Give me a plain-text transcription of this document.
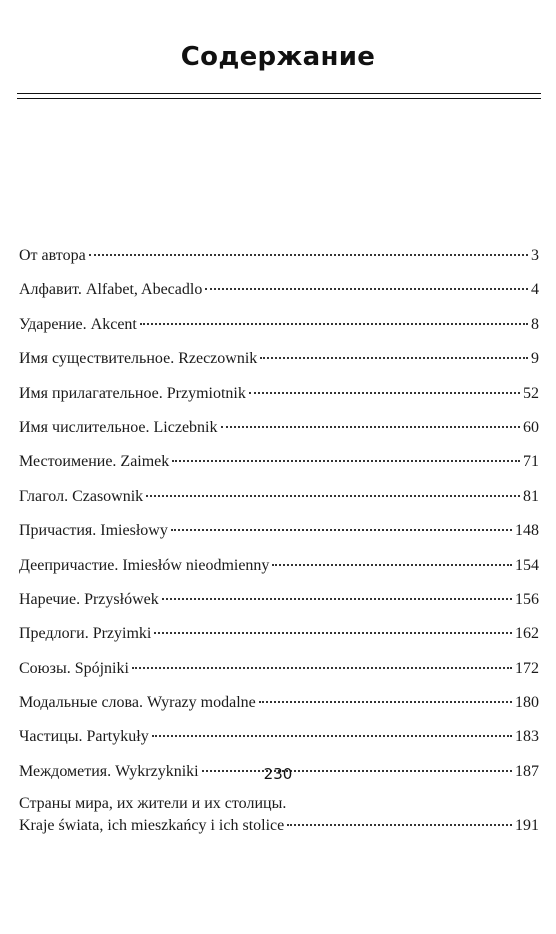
Содержание
От автора	3
Алфавит. Alfabet, Abecadlo	4
Ударение. Akcent	8
Имя существительное. Rzeczownik	9
Имя прилагательное. Przymiotnik	52
Имя числительное. Liczebnik	60
Местоимение. Zaimek	71
Глагол. Czasownik	81
Причастия. Imiesłowy	148
Деепричастие. Imiesłów nieodmienny	154
Наречие. Przysłówek	156
Предлоги. Przyimki	162
Союзы. Spójniki	172
Модальные слова. Wyrazy modalne	180
Частицы. Partykuły	183
Междометия. Wykrzykniki	187
Страны мира, их жители и их столицы.
Kraje świata, ich mieszkańcy i ich stolice	191
230
